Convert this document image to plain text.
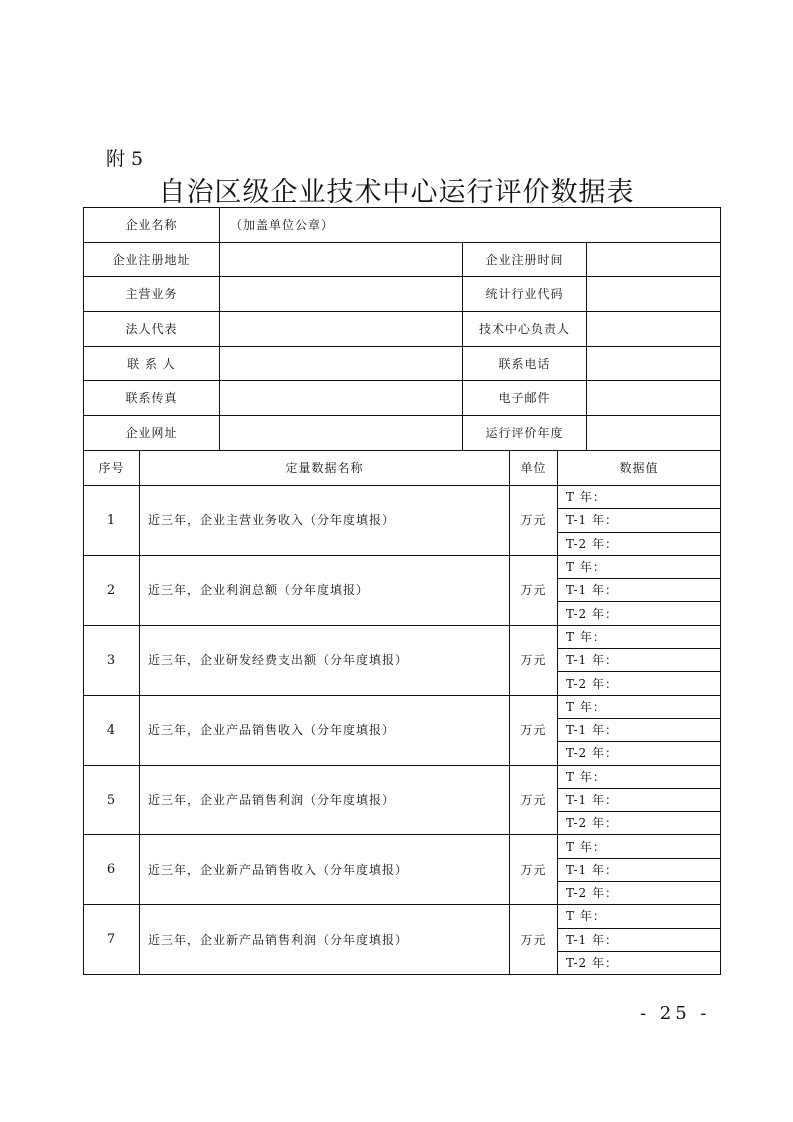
附 5
自治区级企业技术中心运行评价数据表
企业名称	（加盖单位公章）		
企业注册地址		企业注册时间	
主营业务		统计行业代码	
法人代表		技术中心负责人	
联 系 人		联系电话	
联系传真		电子邮件	
企业网址		运行评价年度	
序号	定量数据名称	单位	数据值
1	近三年，企业主营业务收入（分年度填报）	万元	T 年：
			T-1 年：
			T-2 年：
2	近三年，企业利润总额（分年度填报）	万元	T 年：
			T-1 年：
			T-2 年：
3	近三年，企业研发经费支出额（分年度填报）	万元	T 年：
			T-1 年：
			T-2 年：
4	近三年，企业产品销售收入（分年度填报）	万元	T 年：
			T-1 年：
			T-2 年：
5	近三年，企业产品销售利润（分年度填报）	万元	T 年：
			T-1 年：
			T-2 年：
6	近三年，企业新产品销售收入（分年度填报）	万元	T 年：
			T-1 年：
			T-2 年：
7	近三年，企业新产品销售利润（分年度填报）	万元	T 年：
			T-1 年：
			T-2 年：
- 25 -
